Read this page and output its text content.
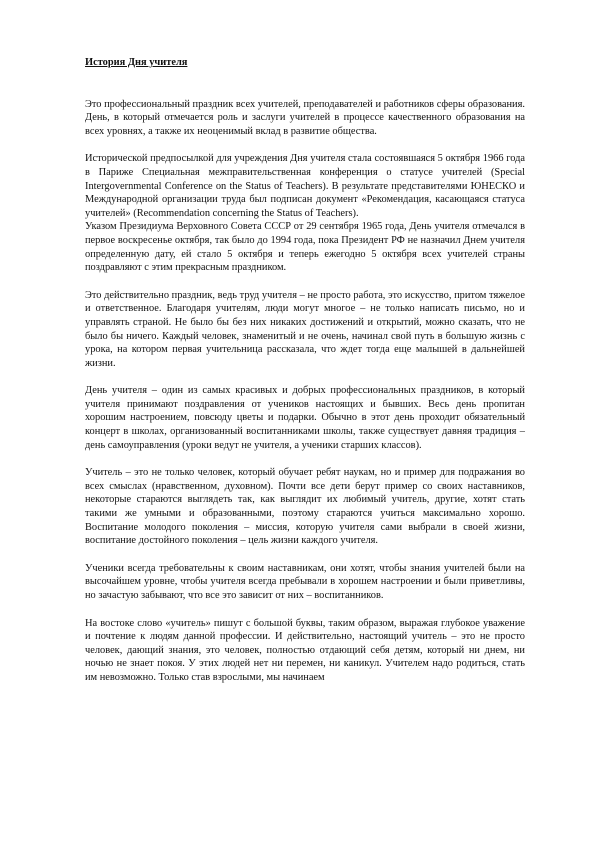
История Дня учителя

Это профессиональный праздник всех учителей, преподавателей и работников сферы образования. День, в который отмечается роль и заслуги учителей в процессе качественного образования на всех уровнях, а также их неоценимый вклад в развитие общества.

Исторической предпосылкой для учреждения Дня учителя стала состоявшаяся 5 октября 1966 года в Париже Специальная межправительственная конференция о статусе учителей (Special Intergovernmental Conference on the Status of Teachers). В результате представителями ЮНЕСКО и Международной организации труда был подписан документ «Рекомендация, касающаяся статуса учителей» (Recommendation concerning the Status of Teachers).

Указом Президиума Верховного Совета СССР от 29 сентября 1965 года, День учителя отмечался в первое воскресенье октября, так было до 1994 года, пока Президент РФ не назначил Днем учителя определенную дату, ей стало 5 октября и теперь ежегодно 5 октября всех учителей страны поздравляют с этим прекрасным праздником.

Это действительно праздник, ведь труд учителя – не просто работа, это искусство, притом тяжелое и ответственное. Благодаря учителям, люди могут многое – не только написать письмо, но и управлять страной. Не было бы без них никаких достижений и открытий, можно сказать, что не было бы ничего. Каждый человек, знаменитый и не очень, начинал свой путь в большую жизнь с урока, на котором первая учительница рассказала, что ждет тогда еще малышей в дальнейшей жизни.

День учителя – один из самых красивых и добрых профессиональных праздников, в который учителя принимают поздравления от учеников настоящих и бывших. Весь день пропитан хорошим настроением, повсюду цветы и подарки. Обычно в этот день проходит обязательный концерт в школах, организованный воспитанниками школы, также существует давняя традиция – день самоуправления (уроки ведут не учителя, а ученики старших классов).

Учитель – это не только человек, который обучает ребят наукам, но и пример для подражания во всех смыслах (нравственном, духовном). Почти все дети берут пример со своих наставников, некоторые стараются выглядеть так, как выглядит их любимый учитель, другие, хотят стать такими же умными и образованными, поэтому стараются учиться максимально хорошо. Воспитание молодого поколения – миссия, которую учителя сами выбрали в своей жизни, воспитание достойного поколения – цель жизни каждого учителя.

Ученики всегда требовательны к своим наставникам, они хотят, чтобы знания учителей были на высочайшем уровне, чтобы учителя всегда пребывали в хорошем настроении и были приветливы, но зачастую забывают, что все это зависит от них – воспитанников.

На востоке слово «учитель» пишут с большой буквы, таким образом, выражая глубокое уважение и почтение к людям данной профессии. И действительно, настоящий учитель – это не просто человек, дающий знания, это человек, полностью отдающий себя детям, который ни днем, ни ночью не знает покоя. У этих людей нет ни перемен, ни каникул. Учителем надо родиться, стать им невозможно. Только став взрослыми, мы начинаем
